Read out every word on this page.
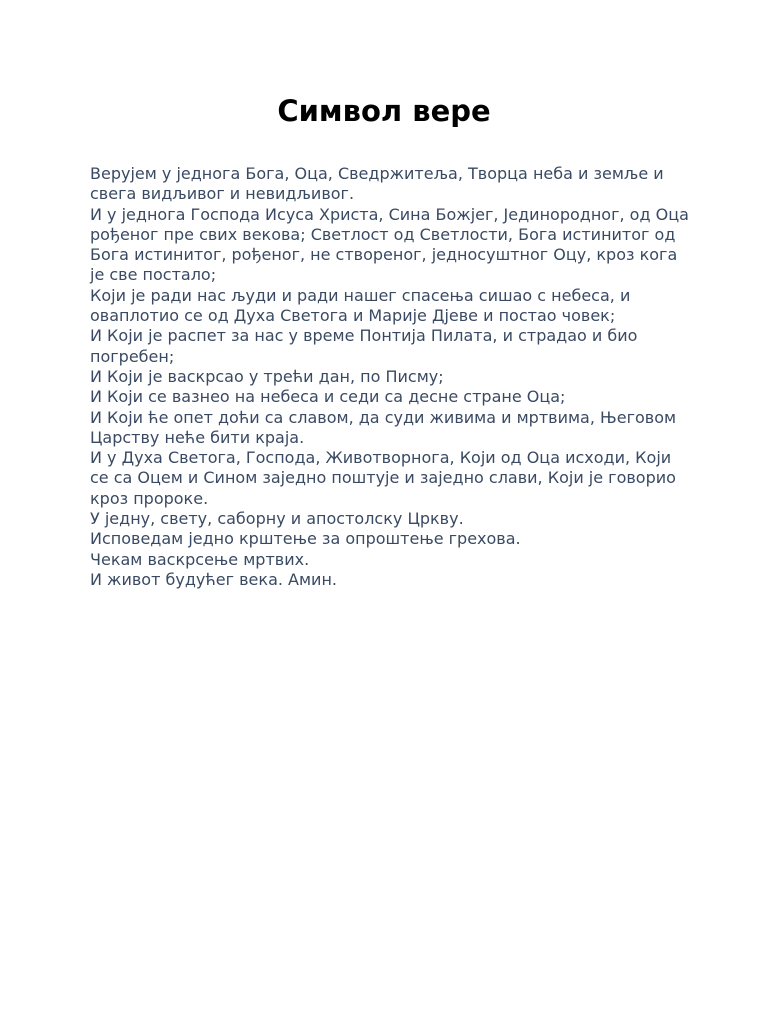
Символ вере

Верујем у једнога Бога, Оца, Сведржитеља, Творца неба и земље и свега видљивог и невидљивог.

И у једнога Господа Исуса Христа, Сина Божјег, Јединородног, од Оца рођеног пре свих векова; Светлост од Светлости, Бога истинитог од Бога истинитог, рођеног, не створеног, једносуштног Оцу, кроз кога је све постало;

Који је ради нас људи и ради нашег спасења сишао с небеса, и оваплотио се од Духа Светога и Марије Дјеве и постао човек;

И Који је распет за нас у време Понтија Пилата, и страдао и био погребен;

И Који је васкрсао у трећи дан, по Писму;

И Који се вазнео на небеса и седи са десне стране Оца;

И Који ће опет доћи са славом, да суди живима и мртвима, Његовом Царству неће бити краја.

И у Духа Светога, Господа, Животворнога, Који од Оца исходи, Који се са Оцем и Сином заједно поштује и заједно слави, Који је говорио кроз пророке.

У једну, свету, саборну и апостолску Цркву.

Исповедам једно крштење за опроштење грехова.

Чекам васкрсење мртвих.

И живот будућег века. Амин.
